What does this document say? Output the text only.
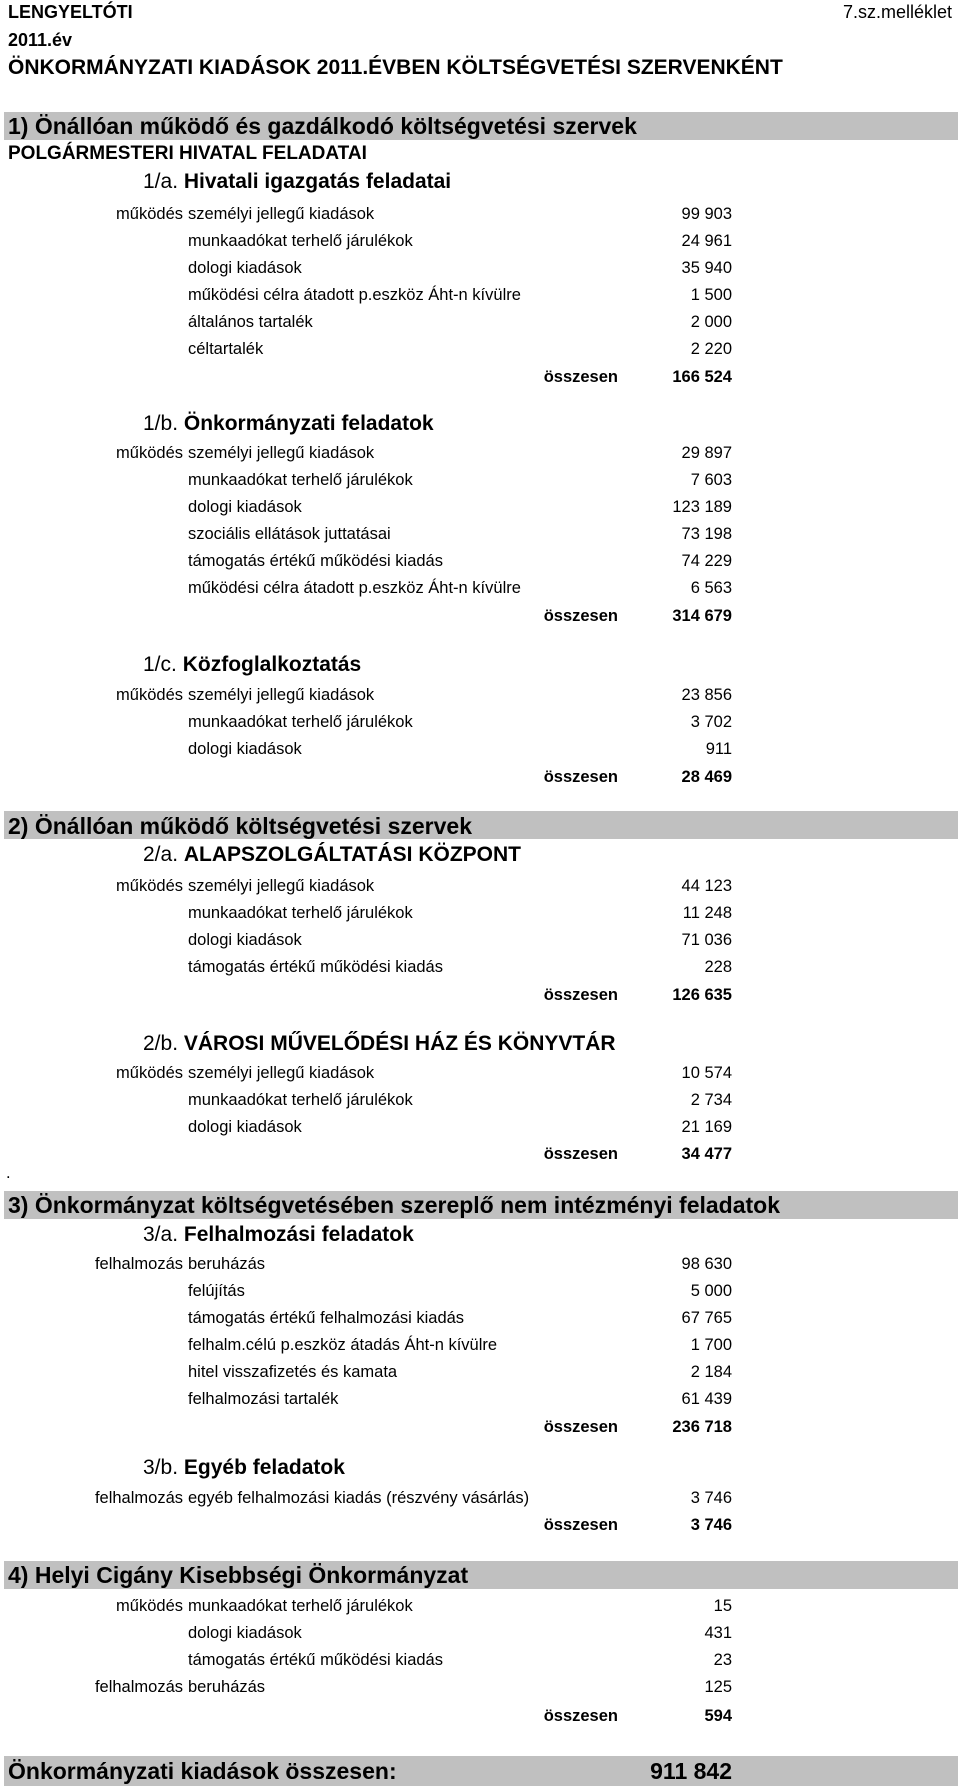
LENGYELTÓTI	7.sz.melléklet
2011.év
ÖNKORMÁNYZATI KIADÁSOK 2011.ÉVBEN KÖLTSÉGVETÉSI SZERVENKÉNT
1) Önállóan működő és gazdálkodó költségvetési szervek
POLGÁRMESTERI HIVATAL FELADATAI
1/a. Hivatali igazgatás feladatai
működés személyi jellegű kiadások	99 903
munkaadókat terhelő járulékok	24 961
dologi kiadások	35 940
működési célra átadott p.eszköz Áht-n kívülre	1 500
általános tartalék	2 000
céltartalék	2 220
összesen	166 524
1/b. Önkormányzati feladatok
működés személyi jellegű kiadások	29 897
munkaadókat terhelő járulékok	7 603
dologi kiadások	123 189
szociális ellátások juttatásai	73 198
támogatás értékű működési kiadás	74 229
működési célra átadott p.eszköz Áht-n kívülre	6 563
összesen	314 679
1/c. Közfoglalkoztatás
működés személyi jellegű kiadások	23 856
munkaadókat terhelő járulékok	3 702
dologi kiadások	911
összesen	28 469
2) Önállóan működő költségvetési szervek
2/a. ALAPSZOLGÁLTATÁSI KÖZPONT
működés személyi jellegű kiadások	44 123
munkaadókat terhelő járulékok	11 248
dologi kiadások	71 036
támogatás értékű működési kiadás	228
összesen	126 635
2/b. VÁROSI MŰVELŐDÉSI HÁZ ÉS KÖNYVTÁR
működés személyi jellegű kiadások	10 574
munkaadókat terhelő járulékok	2 734
dologi kiadások	21 169
összesen	34 477
.
3) Önkormányzat költségvetésében szereplő nem intézményi feladatok
3/a. Felhalmozási feladatok
felhalmozás beruházás	98 630
felújítás	5 000
támogatás értékű felhalmozási kiadás	67 765
felhalm.célú p.eszköz átadás Áht-n kívülre	1 700
hitel visszafizetés és kamata	2 184
felhalmozási tartalék	61 439
összesen	236 718
3/b. Egyéb feladatok
felhalmozás egyéb felhalmozási kiadás (részvény vásárlás)	3 746
összesen	3 746
4) Helyi Cigány Kisebbségi Önkormányzat
működés munkaadókat terhelő járulékok	15
dologi kiadások	431
támogatás értékű működési kiadás	23
felhalmozás beruházás	125
összesen	594
Önkormányzati kiadások összesen:	911 842
